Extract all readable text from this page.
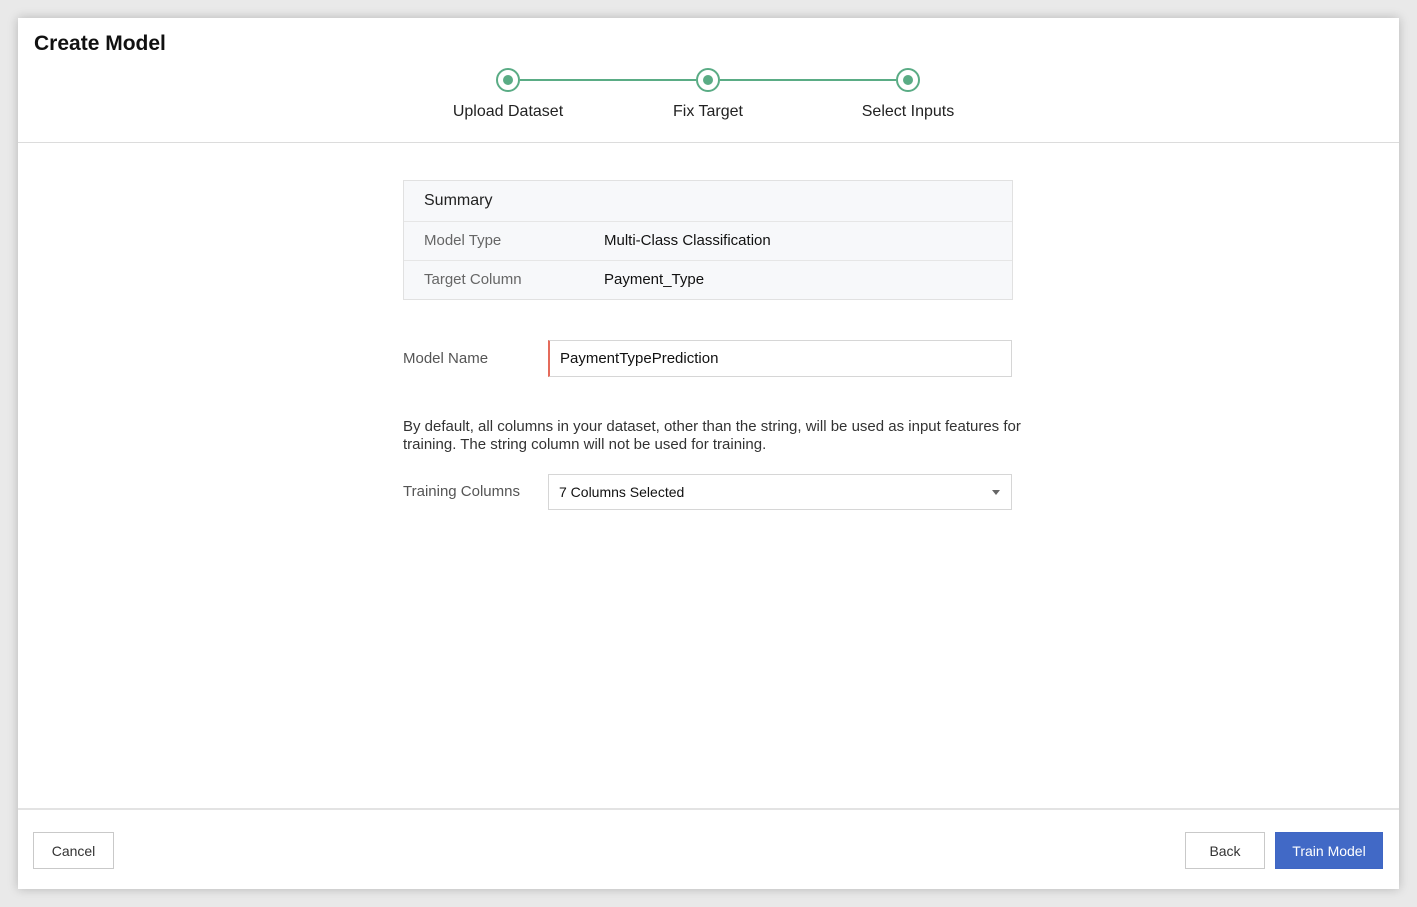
Create Model
Upload Dataset	Fix Target	Select Inputs
Summary
Model Type	Multi-Class Classification
Target Column	Payment_Type
Model Name
PaymentTypePrediction
By default, all columns in your dataset, other than the string, will be used as input features for training. The string column will not be used for training.
Training Columns	7 Columns Selected
Cancel	Back	Train Model
